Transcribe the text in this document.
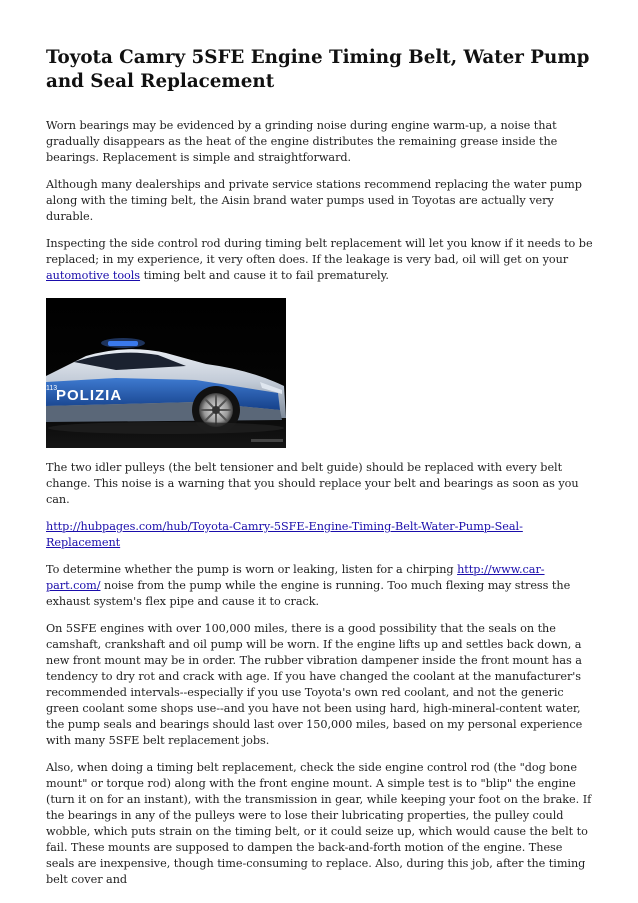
Toyota Camry 5SFE Engine Timing Belt, Water Pump and Seal Replacement

Worn bearings may be evidenced by a grinding noise during engine warm-up, a noise that gradually disappears as the heat of the engine distributes the remaining grease inside the bearings. Replacement is simple and straightforward.

Although many dealerships and private service stations recommend replacing the water pump along with the timing belt, the Aisin brand water pumps used in Toyotas are actually very durable.

Inspecting the side control rod during timing belt replacement will let you know if it needs to be replaced; in my experience, it very often does. If the leakage is very bad, oil will get on your automotive tools timing belt and cause it to fail prematurely.

POLIZIA
113

The two idler pulleys (the belt tensioner and belt guide) should be replaced with every belt change. This noise is a warning that you should replace your belt and bearings as soon as you can.

http://hubpages.com/hub/Toyota-Camry-5SFE-Engine-Timing-Belt-Water-Pump-Seal-Replacement

To determine whether the pump is worn or leaking, listen for a chirping http://www.car-part.com/ noise from the pump while the engine is running. Too much flexing may stress the exhaust system's flex pipe and cause it to crack.

On 5SFE engines with over 100,000 miles, there is a good possibility that the seals on the camshaft, crankshaft and oil pump will be worn. If the engine lifts up and settles back down, a new front mount may be in order. The rubber vibration dampener inside the front mount has a tendency to dry rot and crack with age. If you have changed the coolant at the manufacturer's recommended intervals--especially if you use Toyota's own red coolant, and not the generic green coolant some shops use--and you have not been using hard, high-mineral-content water, the pump seals and bearings should last over 150,000 miles, based on my personal experience with many 5SFE belt replacement jobs.

Also, when doing a timing belt replacement, check the side engine control rod (the "dog bone mount" or torque rod) along with the front engine mount. A simple test is to "blip" the engine (turn it on for an instant), with the transmission in gear, while keeping your foot on the brake. If the bearings in any of the pulleys were to lose their lubricating properties, the pulley could wobble, which puts strain on the timing belt, or it could seize up, which would cause the belt to fail. These mounts are supposed to dampen the back-and-forth motion of the engine. These seals are inexpensive, though time-consuming to replace. Also, during this job, after the timing belt cover and
